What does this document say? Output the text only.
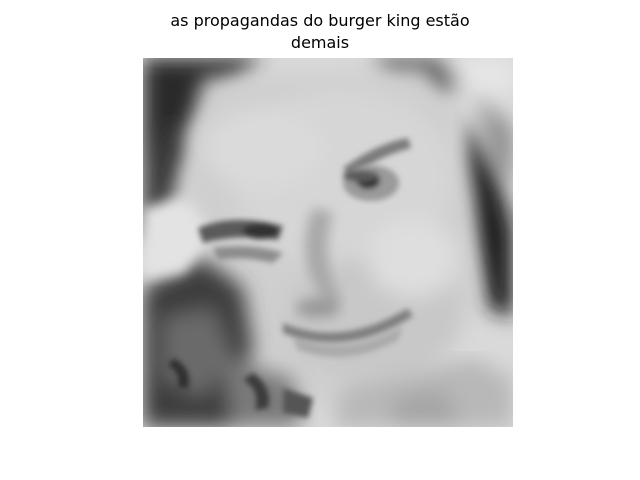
as propagandas do burger king estão
demais
